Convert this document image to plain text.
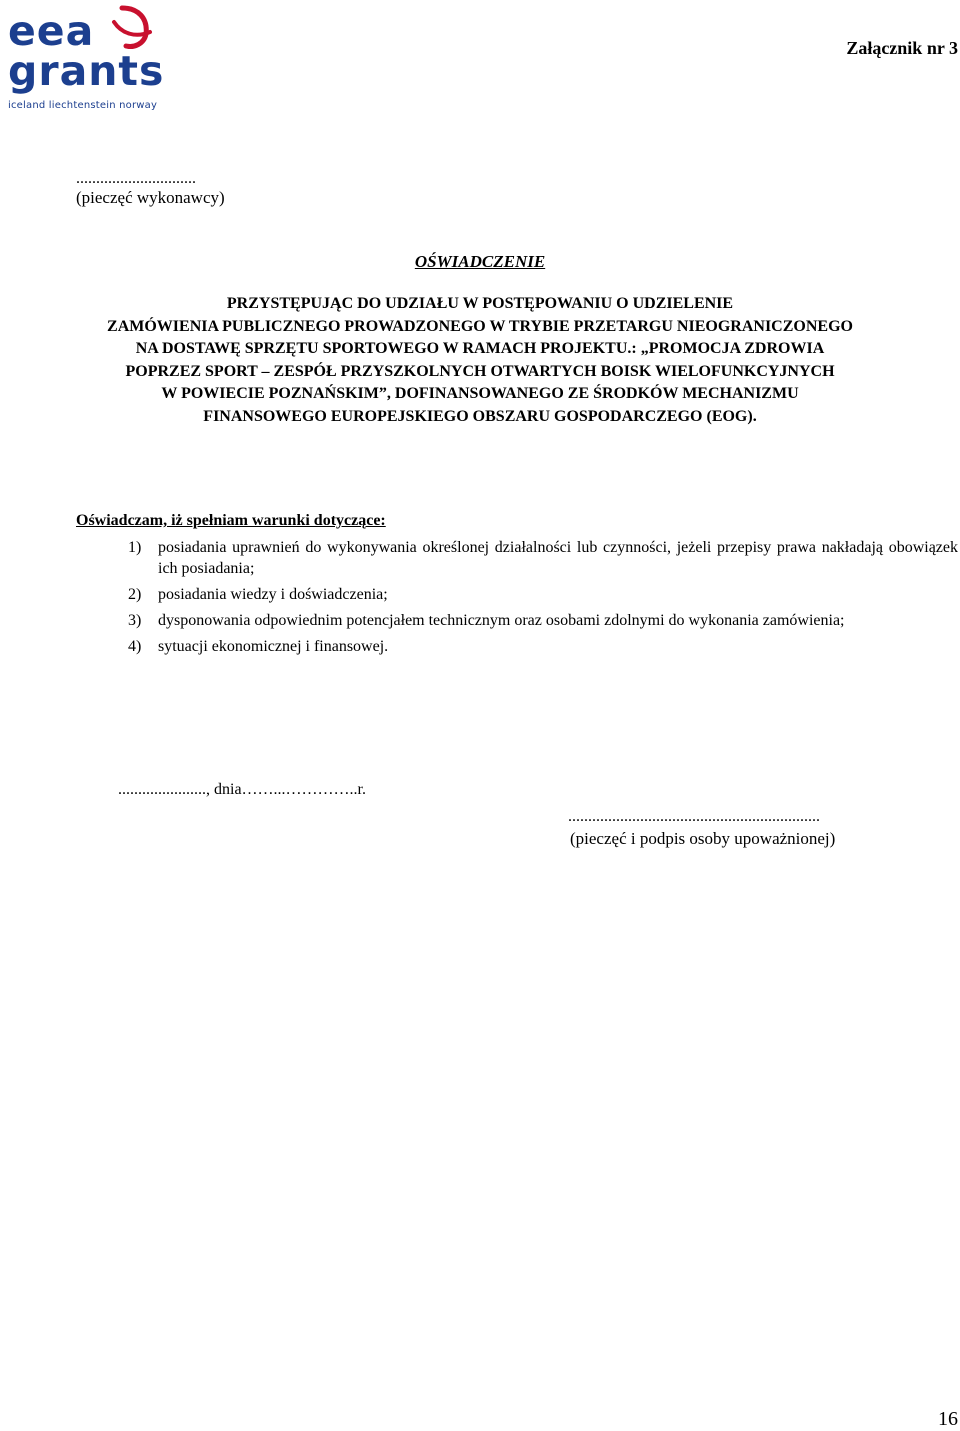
eea
grants
iceland liechtenstein norway
Załącznik nr 3
..............................
(pieczęć wykonawcy)
OŚWIADCZENIE
PRZYSTĘPUJĄC DO UDZIAŁU W POSTĘPOWANIU O UDZIELENIE
ZAMÓWIENIA PUBLICZNEGO PROWADZONEGO W TRYBIE PRZETARGU NIEOGRANICZONEGO
NA DOSTAWĘ SPRZĘTU SPORTOWEGO W RAMACH PROJEKTU.: „PROMOCJA ZDROWIA
POPRZEZ SPORT – ZESPÓŁ PRZYSZKOLNYCH OTWARTYCH BOISK WIELOFUNKCYJNYCH
W POWIECIE POZNAŃSKIM”, DOFINANSOWANEGO ZE ŚRODKÓW MECHANIZMU
FINANSOWEGO EUROPEJSKIEGO OBSZARU GOSPODARCZEGO (EOG).
Oświadczam, iż spełniam warunki dotyczące:
1) posiadania uprawnień do wykonywania określonej działalności lub czynności, jeżeli przepisy prawa nakładają obowiązek ich posiadania;
2) posiadania wiedzy i doświadczenia;
3) dysponowania odpowiednim potencjałem technicznym oraz osobami zdolnymi do wykonania zamówienia;
4) sytuacji ekonomicznej i finansowej.
......................, dnia……...…………..r.
...............................................................
(pieczęć i podpis osoby upoważnionej)
16
